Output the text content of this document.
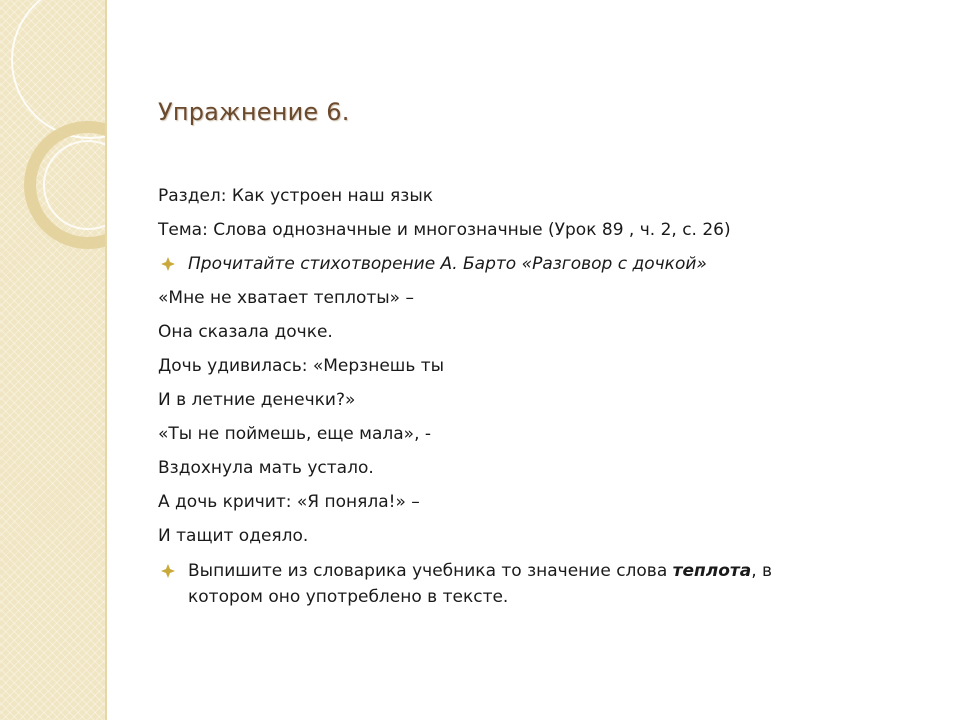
Упражнение 6.
Раздел: Как устроен наш язык
Тема: Слова однозначные и многозначные (Урок 89 , ч. 2, с. 26)
Прочитайте стихотворение А. Барто «Разговор с дочкой»
«Мне не хватает теплоты» –
Она сказала дочке.
Дочь удивилась: «Мерзнешь ты
И в летние денечки?»
«Ты не поймешь, еще мала», -
Вздохнула мать устало.
А дочь кричит: «Я поняла!» –
И тащит одеяло.
Выпишите из словарика учебника то значение слова теплота, в
котором оно употреблено в тексте.
